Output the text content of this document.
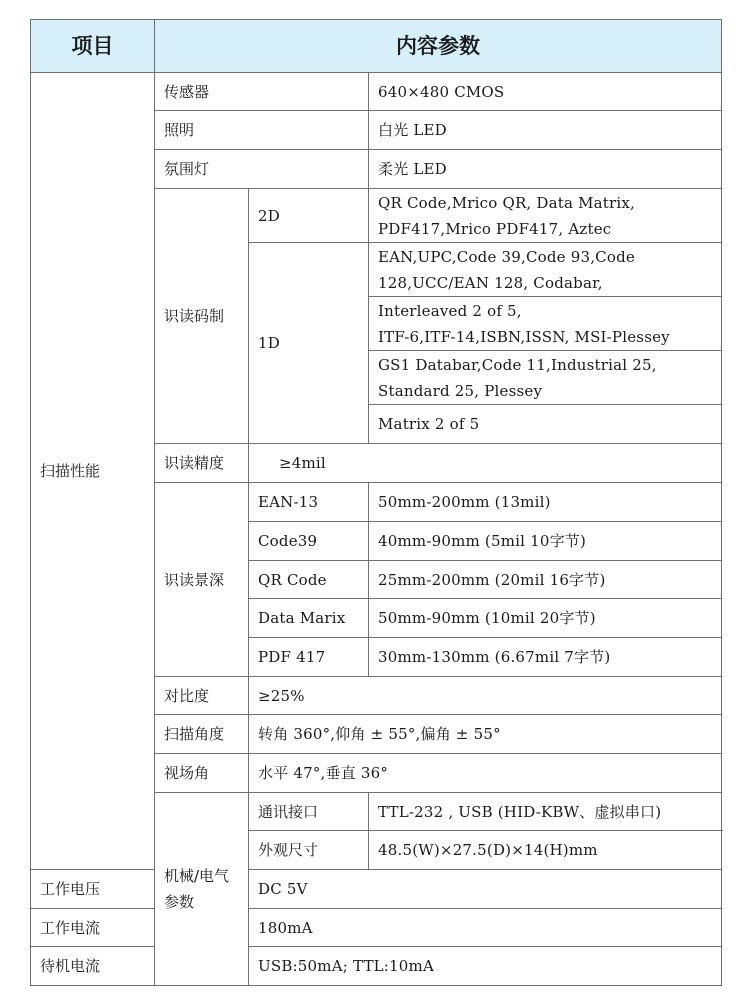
项目	内容参数		
扫描性能	传感器		640×480 CMOS
	照明		白光 LED
	氛围灯		柔光 LED
	识读码制	2D	QR Code,Mrico QR, Data Matrix,
PDF417,Mrico PDF417, Aztec
		1D	EAN,UPC,Code 39,Code 93,Code
128,UCC/EAN 128, Codabar,
			Interleaved 2 of 5,
ITF-6,ITF-14,ISBN,ISSN, MSI-Plessey
			GS1 Databar,Code 11,Industrial 25,
Standard 25, Plessey
			Matrix 2 of 5
	识读精度	≥4mil	
	识读景深	EAN-13	50mm-200mm (13mil)
		Code39	40mm-90mm (5mil 10字节)
		QR Code	25mm-200mm (20mil 16字节)
		Data Marix	50mm-90mm (10mil 20字节)
		PDF 417	30mm-130mm (6.67mil 7字节)
	对比度	≥25%	
	扫描角度	转角 360°,仰角 ± 55°,偏角 ± 55°	
	视场角	水平 47°,垂直 36°	
	机械/电气参数	通讯接口	TTL-232 , USB (HID-KBW、虚拟串口)
		外观尺寸	48.5(W)×27.5(D)×14(H)mm
工作电压		DC 5V	
工作电流		180mA	
待机电流		USB:50mA; TTL:10mA	
